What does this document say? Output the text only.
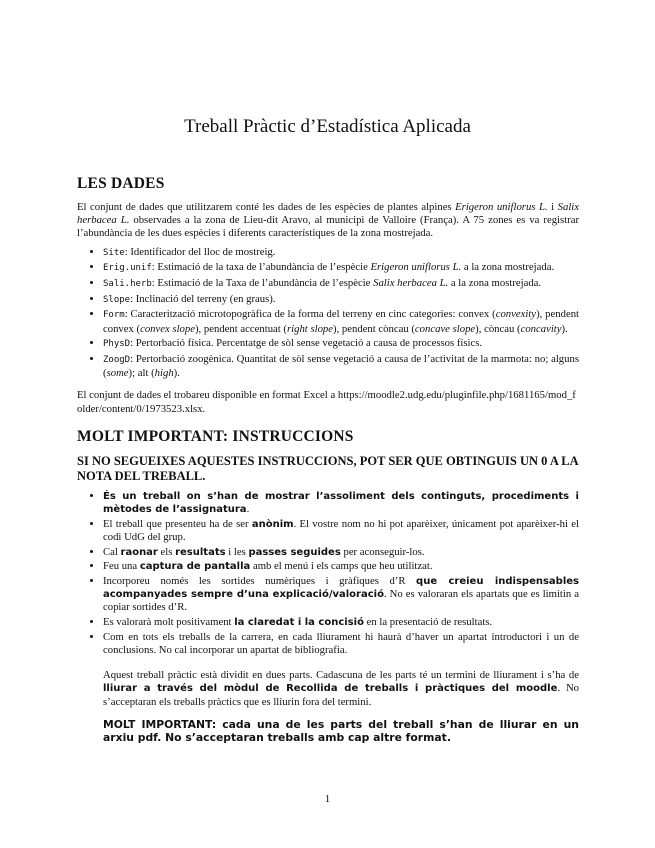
Treball Pràctic d’Estadística Aplicada
LES DADES

El conjunt de dades que utilitzarem conté les dades de les espècies de plantes alpines Erigeron uniflorus L. i Salix herbacea L. observades a la zona de Lieu-dit Aravo, al municipi de Valloire (França). A 75 zones es va registrar l’abundància de les dues espècies i diferents característiques de la zona mostrejada.

• Site: Identificador del lloc de mostreig.
• Erig.unif: Estimació de la taxa de l’abundància de l’espècie Erigeron uniflorus L. a la zona mostrejada.
• Sali.herb: Estimació de la Taxa de l’abundància de l’espècie Salix herbacea L. a la zona mostrejada.
• Slope: Inclinació del terreny (en graus).
• Form: Caracterització microtopogràfica de la forma del terreny en cinc categories: convex (convexity), pendent convex (convex slope), pendent accentuat (right slope), pendent còncau (concave slope), còncau (concavity).
• PhysD: Pertorbació física. Percentatge de sòl sense vegetació a causa de processos físics.
• ZoogD: Pertorbació zoogènica. Quantitat de sòl sense vegetació a causa de l’activitat de la marmota: no; alguns (some); alt (high).

El conjunt de dades el trobareu disponible en format Excel a https://moodle2.udg.edu/pluginfile.php/1681165/mod_folder/content/0/1973523.xlsx.

MOLT IMPORTANT: INSTRUCCIONS
SI NO SEGUEIXES AQUESTES INSTRUCCIONS, POT SER QUE OBTINGUIS UN 0 A LA NOTA DEL TREBALL.
• És un treball on s’han de mostrar l’assoliment dels continguts, procediments i mètodes de l’assignatura.
• El treball que presenteu ha de ser anònim. El vostre nom no hi pot aparèixer, únicament pot aparèixer-hi el codi UdG del grup.
• Cal raonar els resultats i les passes seguides per aconseguir-los.
• Feu una captura de pantalla amb el menú i els camps que heu utilitzat.
• Incorporeu només les sortides numèriques i gràfiques d’R que creieu indispensables acompanyades sempre d’una explicació/valoració. No es valoraran els apartats que es limitin a copiar sortides d’R.
• Es valorarà molt positivament la claredat i la concisió en la presentació de resultats.
• Com en tots els treballs de la carrera, en cada lliurament hi haurà d’haver un apartat introductori i un de conclusions. No cal incorporar un apartat de bibliografia.

Aquest treball pràctic està dividit en dues parts. Cadascuna de les parts té un termini de lliurament i s’ha de lliurar a través del mòdul de Recollida de treballs i pràctiques del moodle. No s’acceptaran els treballs pràctics que es lliurin fora del termini.

MOLT IMPORTANT: cada una de les parts del treball s’han de lliurar en un arxiu pdf. No s’acceptaran treballs amb cap altre format.

1
